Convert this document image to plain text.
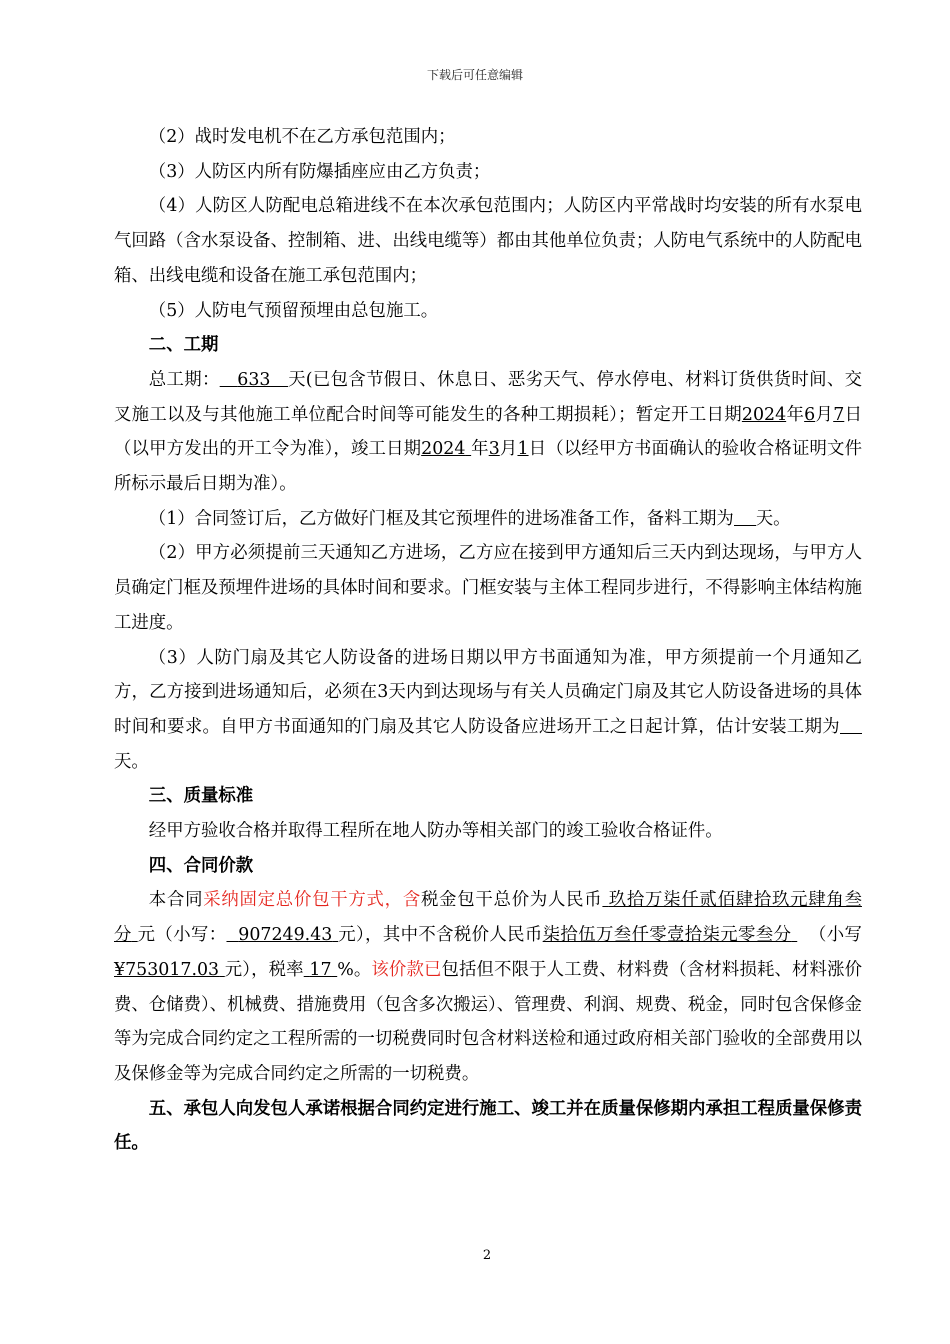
下载后可任意编辑

（2）战时发电机不在乙方承包范围内；

（3）人防区内所有防爆插座应由乙方负责；

（4）人防区人防配电总箱进线不在本次承包范围内；人防区内平常战时均安装的所有水泵电气回路（含水泵设备、控制箱、进、出线电缆等）都由其他单位负责；人防电气系统中的人防配电箱、出线电缆和设备在施工承包范围内；

（5）人防电气预留预埋由总包施工。

二、工期

总工期： 633 天(已包含节假日、休息日、恶劣天气、停水停电、材料订货供货时间、交叉施工以及与其他施工单位配合时间等可能发生的各种工期损耗）；暂定开工日期2024年6月7日（以甲方发出的开工令为准），竣工日期2024 年3月1日（以经甲方书面确认的验收合格证明文件所标示最后日期为准）。

（1）合同签订后，乙方做好门框及其它预埋件的进场准备工作，备料工期为 天。

（2）甲方必须提前三天通知乙方进场，乙方应在接到甲方通知后三天内到达现场，与甲方人员确定门框及预埋件进场的具体时间和要求。门框安装与主体工程同步进行，不得影响主体结构施工进度。

（3）人防门扇及其它人防设备的进场日期以甲方书面通知为准，甲方须提前一个月通知乙方，乙方接到进场通知后，必须在3天内到达现场与有关人员确定门扇及其它人防设备进场的具体时间和要求。自甲方书面通知的门扇及其它人防设备应进场开工之日起计算，估计安装工期为天。

三、质量标准

经甲方验收合格并取得工程所在地人防办等相关部门的竣工验收合格证件。

四、合同价款

本合同采纳固定总价包干方式，含税金包干总价为人民币 玖拾万柒仟贰佰肆拾玖元肆角叁分 元（小写： 907249.43 元），其中不含税价人民币柒拾伍万叁仟零壹拾柒元零叁分 （小写¥753017.03 元），税率 17 %。该价款已包括但不限于人工费、材料费（含材料损耗、材料涨价费、仓储费）、机械费、措施费用（包含多次搬运）、管理费、利润、规费、税金，同时包含保修金等为完成合同约定之工程所需的一切税费同时包含材料送检和通过政府相关部门验收的全部费用以及保修金等为完成合同约定之所需的一切税费。

五、承包人向发包人承诺根据合同约定进行施工、竣工并在质量保修期内承担工程质量保修责任。

2
